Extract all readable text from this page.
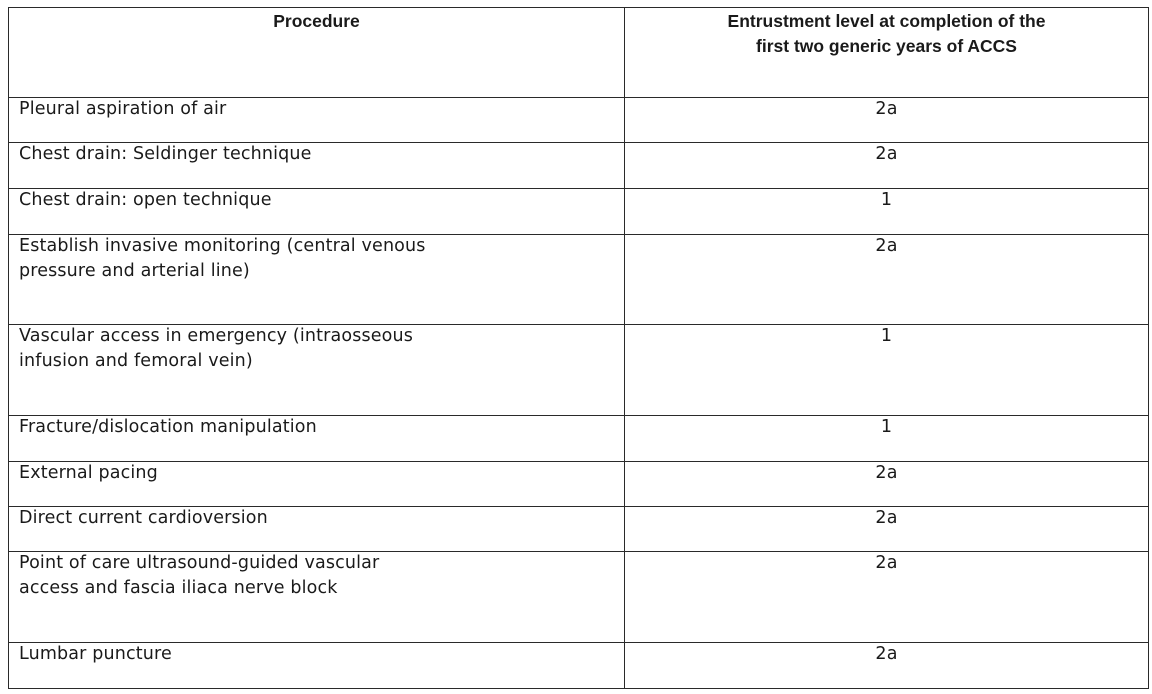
Procedure	Entrustment level at completion of the
first two generic years of ACCS

Pleural aspiration of air	2a

Chest drain: Seldinger technique	2a

Chest drain: open technique	1

Establish invasive monitoring (central venous
pressure and arterial line)	2a

Vascular access in emergency (intraosseous
infusion and femoral vein)	1

Fracture/dislocation manipulation	1

External pacing	2a

Direct current cardioversion	2a

Point of care ultrasound-guided vascular
access and fascia iliaca nerve block	2a

Lumbar puncture	2a
